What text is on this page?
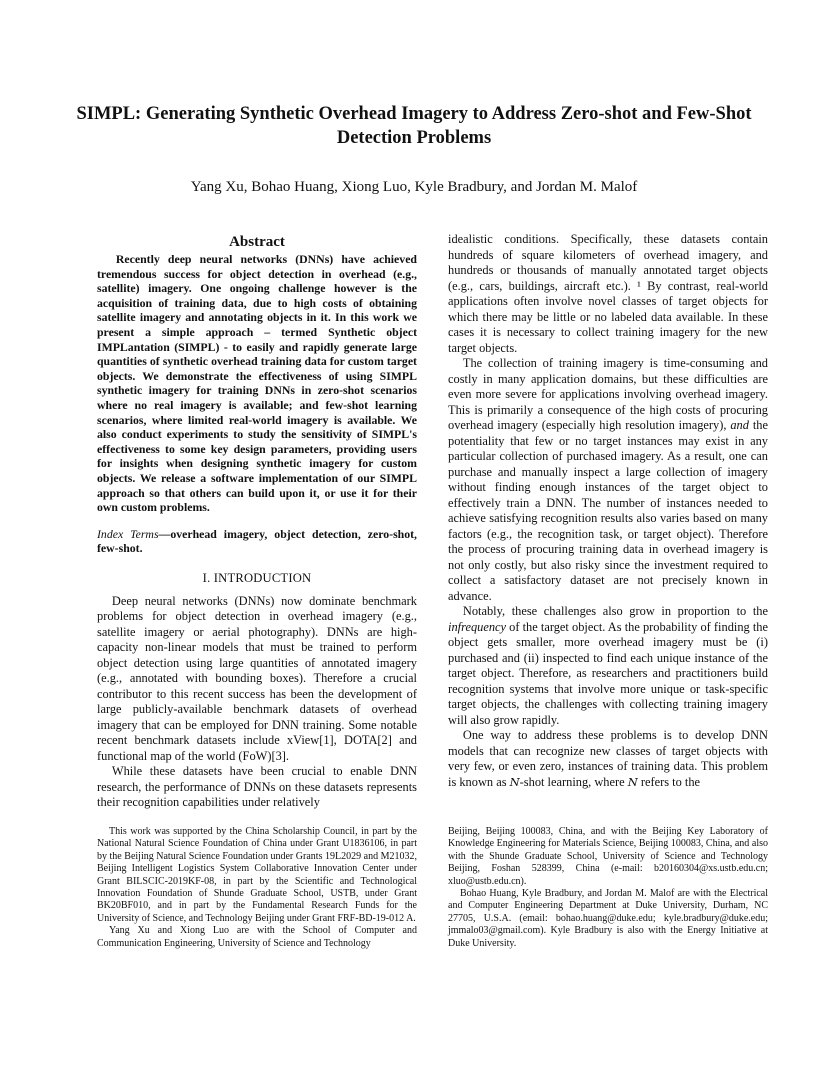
SIMPL: Generating Synthetic Overhead Imagery to Address Zero-shot and Few-Shot Detection Problems
Yang Xu, Bohao Huang, Xiong Luo, Kyle Bradbury, and Jordan M. Malof
Abstract

Recently deep neural networks (DNNs) have achieved tremendous success for object detection in overhead (e.g., satellite) imagery. One ongoing challenge however is the acquisition of training data, due to high costs of obtaining satellite imagery and annotating objects in it. In this work we present a simple approach – termed Synthetic object IMPLantation (SIMPL) - to easily and rapidly generate large quantities of synthetic overhead training data for custom target objects. We demonstrate the effectiveness of using SIMPL synthetic imagery for training DNNs in zero-shot scenarios where no real imagery is available; and few-shot learning scenarios, where limited real-world imagery is available. We also conduct experiments to study the sensitivity of SIMPL's effectiveness to some key design parameters, providing users for insights when designing synthetic imagery for custom objects. We release a software implementation of our SIMPL approach so that others can build upon it, or use it for their own custom problems.

Index Terms—overhead imagery, object detection, zero-shot, few-shot.

I. INTRODUCTION

Deep neural networks (DNNs) now dominate benchmark problems for object detection in overhead imagery (e.g., satellite imagery or aerial photography). DNNs are high-capacity non-linear models that must be trained to perform object detection using large quantities of annotated imagery (e.g., annotated with bounding boxes). Therefore a crucial contributor to this recent success has been the development of large publicly-available benchmark datasets of overhead imagery that can be employed for DNN training. Some notable recent benchmark datasets include xView[1], DOTA[2] and functional map of the world (FoW)[3].

While these datasets have been crucial to enable DNN research, the performance of DNNs on these datasets represents their recognition capabilities under relatively

idealistic conditions. Specifically, these datasets contain hundreds of square kilometers of overhead imagery, and hundreds or thousands of manually annotated target objects (e.g., cars, buildings, aircraft etc.). ¹ By contrast, real-world applications often involve novel classes of target objects for which there may be little or no labeled data available. In these cases it is necessary to collect training imagery for the new target objects.

The collection of training imagery is time-consuming and costly in many application domains, but these difficulties are even more severe for applications involving overhead imagery. This is primarily a consequence of the high costs of procuring overhead imagery (especially high resolution imagery), and the potentiality that few or no target instances may exist in any particular collection of purchased imagery. As a result, one can purchase and manually inspect a large collection of imagery without finding enough instances of the target object to effectively train a DNN. The number of instances needed to achieve satisfying recognition results also varies based on many factors (e.g., the recognition task, or target object). Therefore the process of procuring training data in overhead imagery is not only costly, but also risky since the investment required to collect a satisfactory dataset are not precisely known in advance.

Notably, these challenges also grow in proportion to the infrequency of the target object. As the probability of finding the object gets smaller, more overhead imagery must be (i) purchased and (ii) inspected to find each unique instance of the target object. Therefore, as researchers and practitioners build recognition systems that involve more unique or task-specific target objects, the challenges with collecting training imagery will also grow rapidly.

One way to address these problems is to develop DNN models that can recognize new classes of target objects with very few, or even zero, instances of training data. This problem is known as N-shot learning, where N refers to the

This work was supported by the China Scholarship Council, in part by the National Natural Science Foundation of China under Grant U1836106, in part by the Beijing Natural Science Foundation under Grants 19L2029 and M21032, Beijing Intelligent Logistics System Collaborative Innovation Center under Grant BILSCIC-2019KF-08, in part by the Scientific and Technological Innovation Foundation of Shunde Graduate School, USTB, under Grant BK20BF010, and in part by the Fundamental Research Funds for the University of Science, and Technology Beijing under Grant FRF-BD-19-012 A.

Yang Xu and Xiong Luo are with the School of Computer and Communication Engineering, University of Science and Technology

Beijing, Beijing 100083, China, and with the Beijing Key Laboratory of Knowledge Engineering for Materials Science, Beijing 100083, China, and also with the Shunde Graduate School, University of Science and Technology Beijing, Foshan 528399, China (e-mail: b20160304@xs.ustb.edu.cn; xluo@ustb.edu.cn).

Bohao Huang, Kyle Bradbury, and Jordan M. Malof are with the Electrical and Computer Engineering Department at Duke University, Durham, NC 27705, U.S.A. (email: bohao.huang@duke.edu; kyle.bradbury@duke.edu; jmmalo03@gmail.com). Kyle Bradbury is also with the Energy Initiative at Duke University.
